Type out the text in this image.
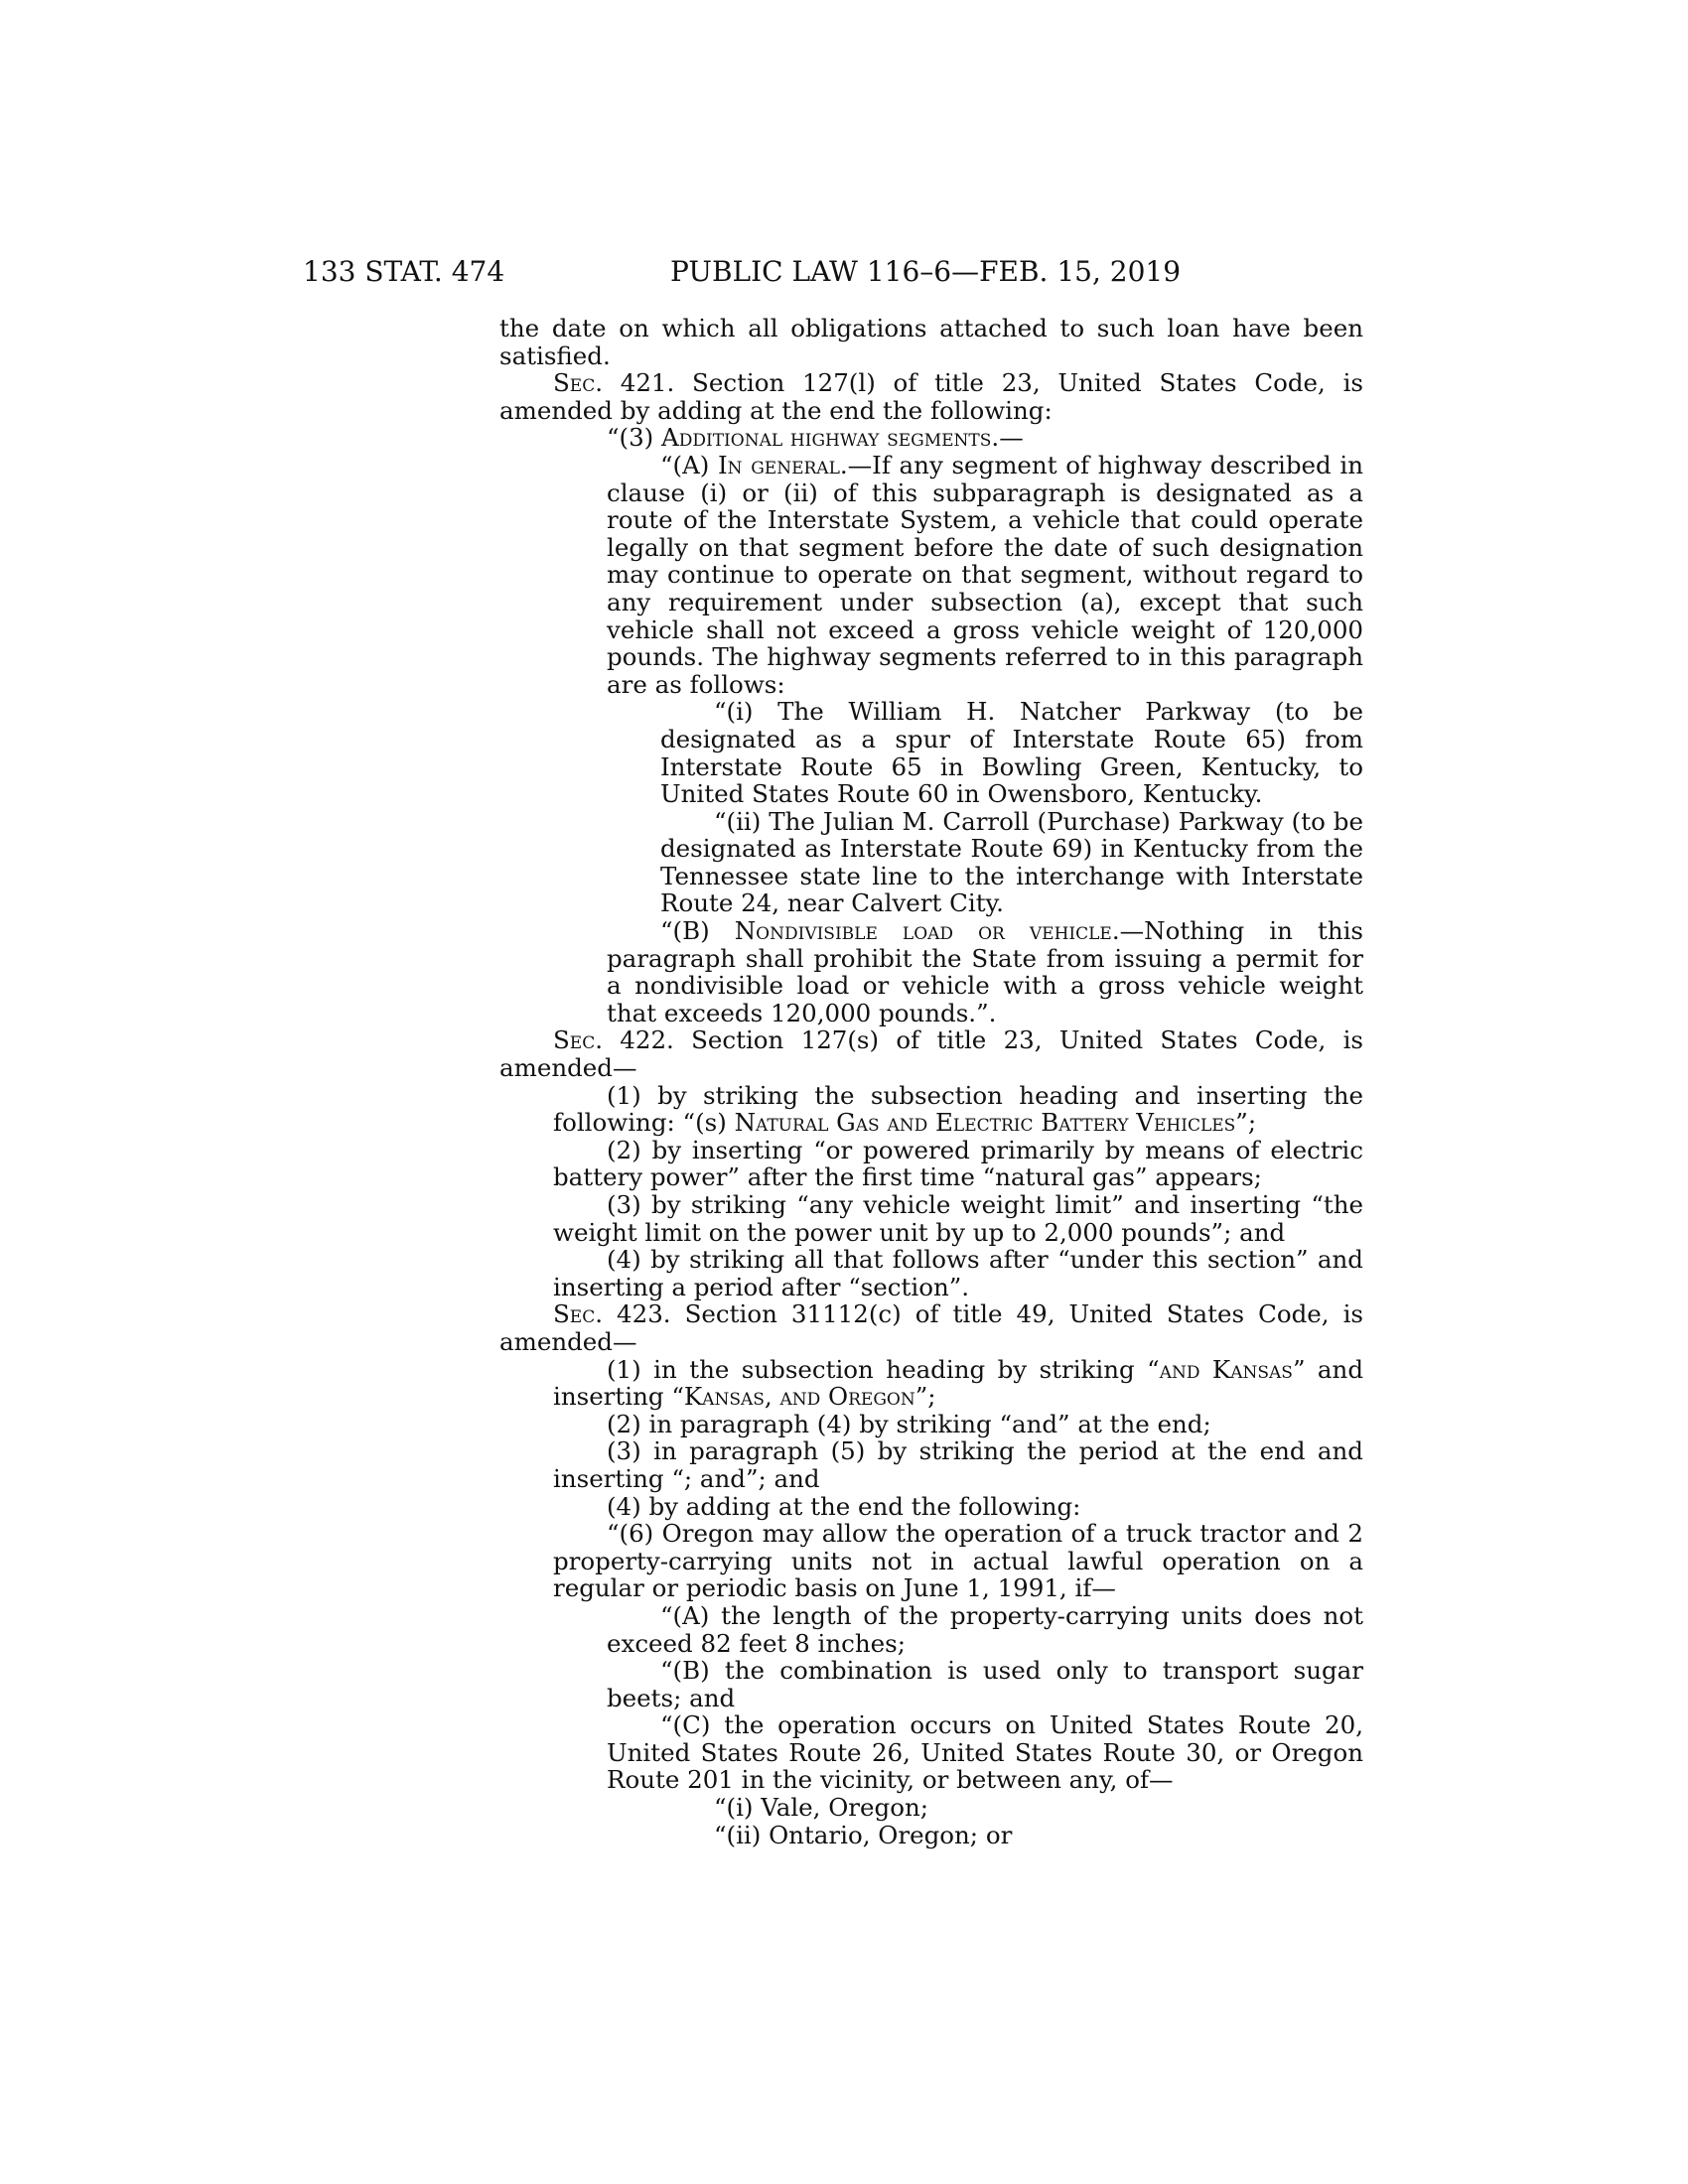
133 STAT. 474	PUBLIC LAW 116–6—FEB. 15, 2019

the date on which all obligations attached to such loan have been satisfied.

Sec. 421. Section 127(l) of title 23, United States Code, is amended by adding at the end the following:

“(3) Additional highway segments.—

“(A) In general.—If any segment of highway described in clause (i) or (ii) of this subparagraph is designated as a route of the Interstate System, a vehicle that could operate legally on that segment before the date of such designation may continue to operate on that segment, without regard to any requirement under subsection (a), except that such vehicle shall not exceed a gross vehicle weight of 120,000 pounds. The highway segments referred to in this paragraph are as follows:

“(i) The William H. Natcher Parkway (to be designated as a spur of Interstate Route 65) from Interstate Route 65 in Bowling Green, Kentucky, to United States Route 60 in Owensboro, Kentucky.

“(ii) The Julian M. Carroll (Purchase) Parkway (to be designated as Interstate Route 69) in Kentucky from the Tennessee state line to the interchange with Interstate Route 24, near Calvert City.

“(B) Nondivisible load or vehicle.—Nothing in this paragraph shall prohibit the State from issuing a permit for a nondivisible load or vehicle with a gross vehicle weight that exceeds 120,000 pounds.”.

Sec. 422. Section 127(s) of title 23, United States Code, is amended—

(1) by striking the subsection heading and inserting the following: “(s) Natural Gas and Electric Battery Vehicles”;

(2) by inserting “or powered primarily by means of electric battery power” after the first time “natural gas” appears;

(3) by striking “any vehicle weight limit” and inserting “the weight limit on the power unit by up to 2,000 pounds”; and

(4) by striking all that follows after “under this section” and inserting a period after “section”.

Sec. 423. Section 31112(c) of title 49, United States Code, is amended—

(1) in the subsection heading by striking “and Kansas” and inserting “Kansas, and Oregon”;

(2) in paragraph (4) by striking “and” at the end;

(3) in paragraph (5) by striking the period at the end and inserting “; and”; and

(4) by adding at the end the following:

“(6) Oregon may allow the operation of a truck tractor and 2 property-carrying units not in actual lawful operation on a regular or periodic basis on June 1, 1991, if—

“(A) the length of the property-carrying units does not exceed 82 feet 8 inches;

“(B) the combination is used only to transport sugar beets; and

“(C) the operation occurs on United States Route 20, United States Route 26, United States Route 30, or Oregon Route 201 in the vicinity, or between any, of—

“(i) Vale, Oregon;

“(ii) Ontario, Oregon; or
